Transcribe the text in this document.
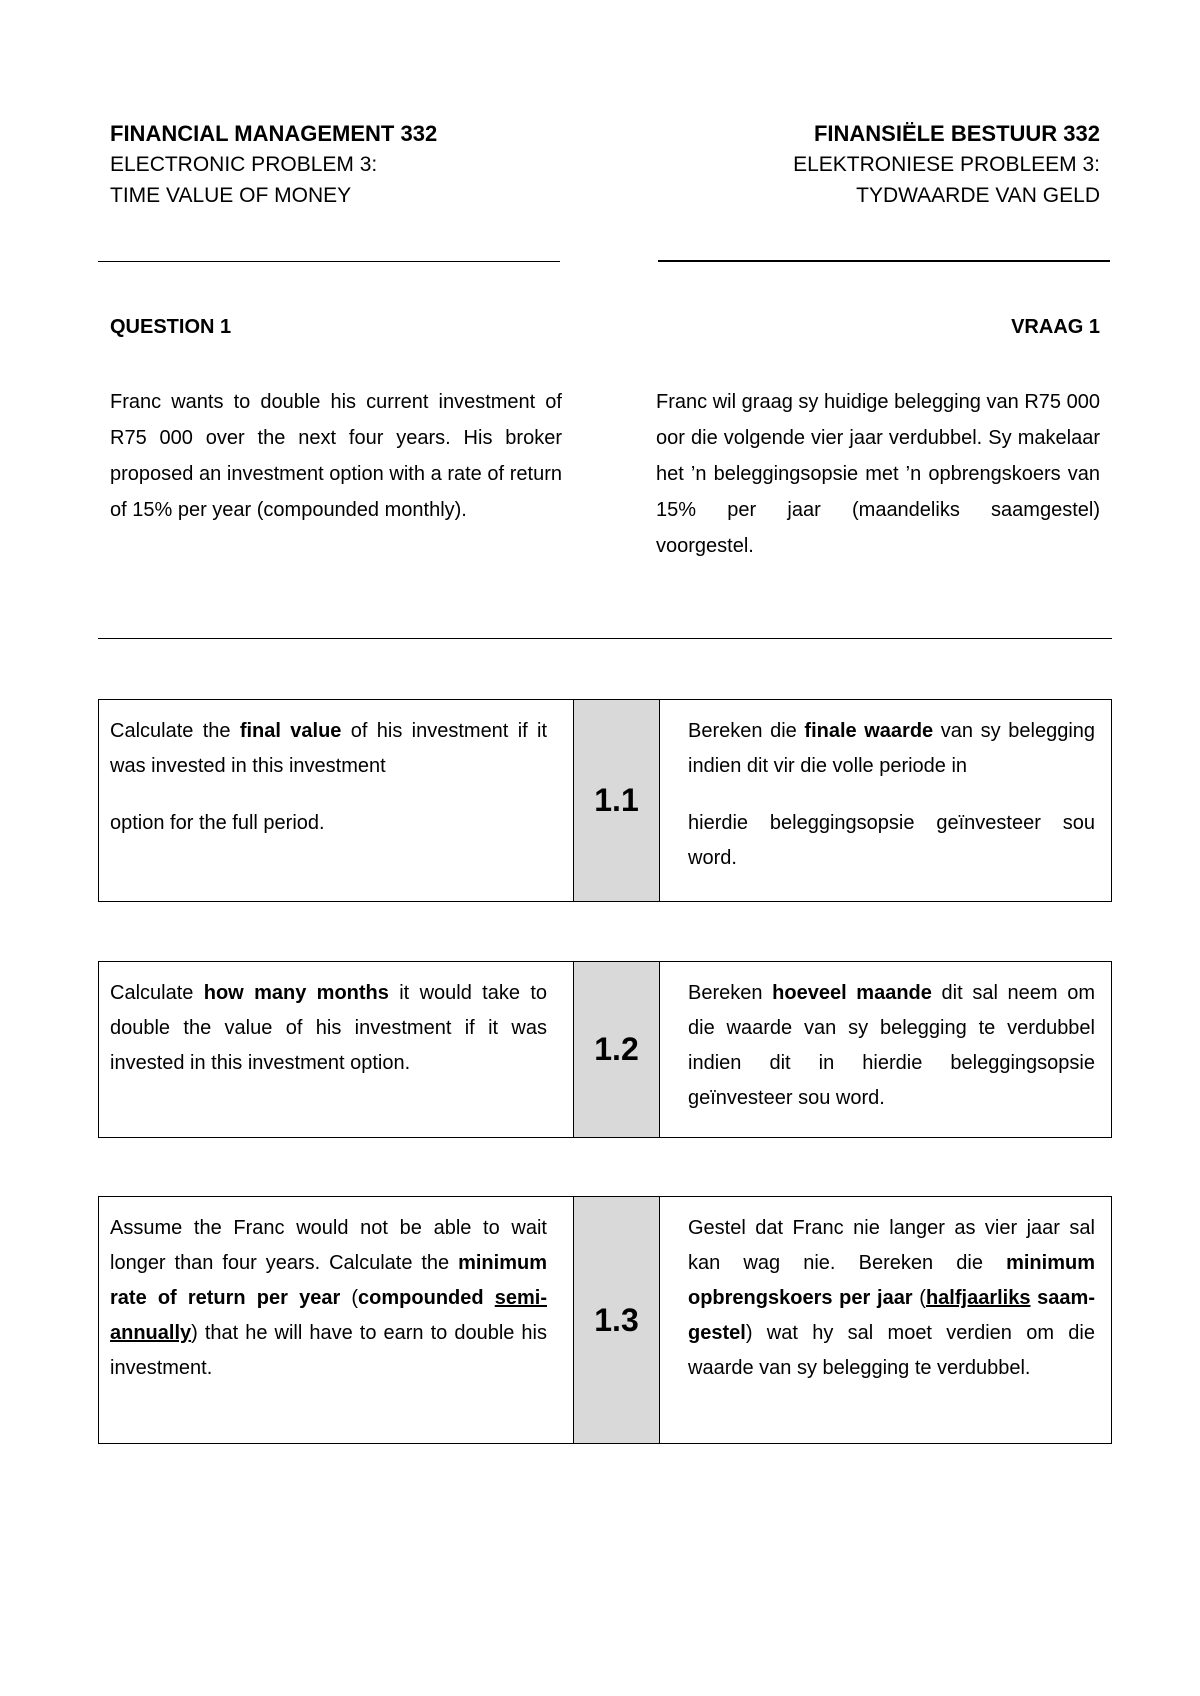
FINANCIAL MANAGEMENT 332
ELECTRONIC PROBLEM 3:
TIME VALUE OF MONEY
FINANSIËLE BESTUUR 332
ELEKTRONIESE PROBLEEM 3:
TYDWAARDE VAN GELD
QUESTION 1	VRAAG 1
Franc wants to double his current investment of R75 000 over the next four years. His broker proposed an investment option with a rate of return of 15% per year (compounded monthly).
Franc wil graag sy huidige belegging van R75 000 oor die volgende vier jaar verdubbel. Sy makelaar het ’n beleggingsopsie met ’n opbrengskoers van 15% per jaar (maandeliks saamgestel) voorgestel.

Calculate the final value of his investment if it was invested in this investment

option for the full period.

1.1

Bereken die finale waarde van sy belegging indien dit vir die volle periode in

hierdie beleggingsopsie geïnvesteer sou word.

Calculate how many months it would take to double the value of his investment if it was invested in this investment option.	1.2

Bereken hoeveel maande dit sal neem om die waarde van sy belegging te verdubbel indien dit in hierdie beleggingsopsie geïnvesteer sou word.

Assume the Franc would not be able to wait longer than four years. Calculate the minimum rate of return per year (compounded semi-annually) that he will have to earn to double his investment.

1.3

Gestel dat Franc nie langer as vier jaar sal kan wag nie. Bereken die minimum opbrengskoers per jaar (halfjaarliks saam-gestel) wat hy sal moet verdien om die waarde van sy belegging te verdubbel.
